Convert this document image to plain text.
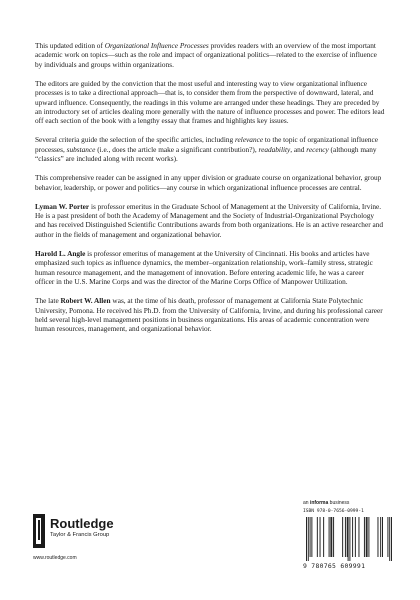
This updated edition of Organizational Influence Processes provides readers with an overview of the most important academic work on topics—such as the role and impact of organizational politics—related to the exercise of influence by individuals and groups within organizations.

The editors are guided by the conviction that the most useful and interesting way to view organizational influence processes is to take a directional approach—that is, to consider them from the perspective of downward, lateral, and upward influence. Consequently, the readings in this volume are arranged under these headings. They are preceded by an introductory set of articles dealing more generally with the nature of influence processes and power. The editors lead off each section of the book with a lengthy essay that frames and highlights key issues.

Several criteria guide the selection of the specific articles, including relevance to the topic of organizational influence processes, substance (i.e., does the article make a significant contribution?), readability, and recency (although many “classics” are included along with recent works).

This comprehensive reader can be assigned in any upper division or graduate course on organizational behavior, group behavior, leadership, or power and politics—any course in which organizational influence processes are central.

Lyman W. Porter is professor emeritus in the Graduate School of Management at the University of California, Irvine. He is a past president of both the Academy of Management and the Society of Industrial-Organizational Psychology and has received Distinguished Scientific Contributions awards from both organizations. He is an active researcher and author in the fields of management and organizational behavior.

Harold L. Angle is professor emeritus of management at the University of Cincinnati. His books and articles have emphasized such topics as influence dynamics, the member–organization relationship, work–family stress, strategic human resource management, and the management of innovation. Before entering academic life, he was a career officer in the U.S. Marine Corps and was the director of the Marine Corps Office of Manpower Utilization.

The late Robert W. Allen was, at the time of his death, professor of management at California State Polytechnic University, Pomona. He received his Ph.D. from the University of California, Irvine, and during his professional career held several high-level management positions in business organizations. His areas of academic concentration were human resources, management, and organizational behavior.

Routledge
Taylor & Francis Group
www.routledge.com
an informa business
ISBN 978-0-7656-0999-1
9 780765 609991
